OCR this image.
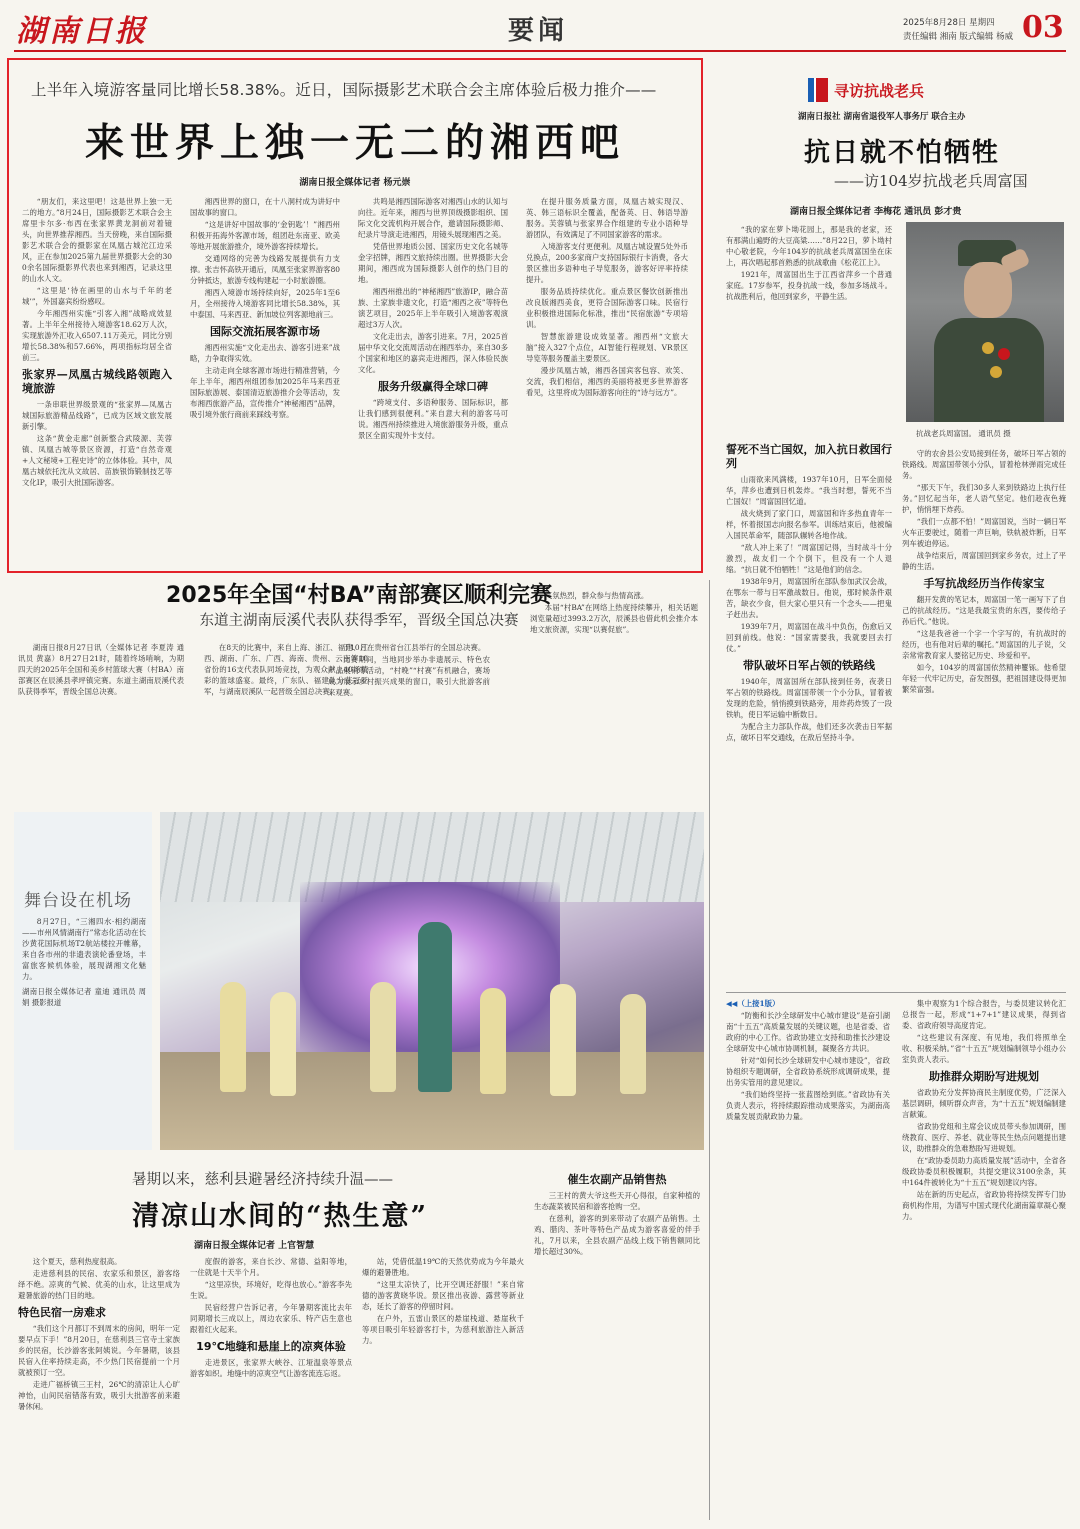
湖南日报	要闻	2025年8月28日 星期四
责任编辑 湘南 版式编辑 杨威 03
上半年入境游客量同比增长58.38%。近日，国际摄影艺术联合会主席体验后极力推介——
来世界上独一无二的湘西吧
湖南日报全媒体记者 杨元崇

“朋友们，来这里吧！这是世界上独一无二的地方。”8月24日，国际摄影艺术联合会主席里卡尔多·布西在张家界黄龙洞前对着镜头，向世界推荐湘西。当天傍晚，来自国际摄影艺术联合会的摄影家在凤凰古城沱江边采风，正在参加2025第九届世界摄影大会的300余名国际摄影界代表也来到湘西，记录这里的山水人文。

“这里是‘待在画里的山水与千年的老城’”，外国嘉宾纷纷感叹。

今年湘西州实施“引客入湘”战略成效显著。上半年全州接待入境游客18.62万人次，实现旅游外汇收入6507.11万美元，同比分别增长58.38%和57.66%，两项指标均居全省前三。

张家界—凤凰古城线路领跑入境旅游

一条串联世界级景观的“张家界—凤凰古城国际旅游精品线路”，已成为区域文旅发展新引擎。

这条“黄金走廊”创新整合武陵源、芙蓉镇、凤凰古城等景区资源，打造“自然奇观+人文秘境+工程史诗”的立体体验。其中，凤凰古城依托沈从文故居、苗族银饰锻制技艺等文化IP，吸引大批国际游客。

湘西世界的窗口，在十八洞村成为讲好中国故事的窗口。

“这是讲好中国故事的‘金钥匙’！”湘西州积极开拓海外客源市场，组团赴东南亚、欧美等地开展旅游推介，境外游客持续增长。

交通网络的完善为线路发展提供有力支撑。张吉怀高铁开通后，凤凰至张家界游客80分钟抵达，旅游专线构建起一小时旅游圈。

湘西入境游市场持续向好，2025年1至6月，全州接待入境游客同比增长58.38%，其中泰国、马来西亚、新加坡位列客源地前三。

国际交流拓展客源市场

湘西州实施“文化走出去、游客引进来”战略，力争取得实效。

主动走向全球客源市场进行精准营销，今年上半年，湘西州组团参加2025年马来西亚国际旅游展、泰国清迈旅游推介会等活动，发布湘西旅游产品，宣传推介“神秘湘西”品牌，吸引境外旅行商前来踩线考察。

共鸣是湘西国际游客对湘西山水的认知与向往。近年来，湘西与世界顶级摄影组织、国际文化交流机构开展合作，邀请国际摄影师、纪录片导演走进湘西，用镜头展现湘西之美。

凭借世界地质公园、国家历史文化名城等金字招牌，湘西文旅持续出圈。世界摄影大会期间，湘西成为国际摄影人创作的热门目的地。

湘西州推出的“神秘湘西”旅游IP，融合苗族、土家族非遗文化，打造“湘西之夜”等特色演艺项目，2025年上半年吸引入境游客观演超过3万人次。

文化走出去，游客引进来。7月，2025首届中华文化交流周活动在湘西举办，来自30多个国家和地区的嘉宾走进湘西，深入体验民族文化。

服务升级赢得全球口碑

“跨境支付、多语种服务、国际标识，都让我们感到很便利。”来自意大利的游客马可说。湘西州持续推进入境旅游服务升级，重点景区全面实现外卡支付。

在提升服务质量方面，凤凰古城实现汉、英、韩三语标识全覆盖，配备英、日、韩语导游服务。芙蓉镇与张家界合作组建的专业小语种导游团队，有效满足了不同国家游客的需求。

入境游客支付更便利。凤凰古城设置5处外币兑换点，200多家商户支持国际银行卡消费，各大景区推出多语种电子导览服务，游客好评率持续提升。

服务品质持续优化。重点景区餐饮创新推出改良版湘西美食，更符合国际游客口味。民宿行业积极推进国际化标准，推出“民宿旅游”专项培训。

智慧旅游建设成效显著。湘西州“文旅大脑”接入327个点位，AI智能行程规划、VR景区导览等服务覆盖主要景区。

漫步凤凰古城，湘西各国宾客包容、欢笑、交流，我们相信，湘西的美丽将被更多世界游客看见，这里将成为国际游客向往的“诗与远方”。

寻访抗战老兵
湖南日报社 湖南省退役军人事务厅 联合主办
抗日就不怕牺牲
——访104岁抗战老兵周富国
湖南日报全媒体记者 李梅花 通讯员 彭才贵

“我的家在萝卜坳花园上，那是我的老家，还有那满山遍野的大豆高粱……”8月22日，萝卜坳村中心敬老院，今年104岁的抗战老兵周富国坐在床上，再次唱起那首熟悉的抗战歌曲《松花江上》。

1921年，周富国出生于江西省萍乡一个普通家庭。17岁参军，投身抗战一线，参加多场战斗。抗战胜利后，他回到家乡，平静生活。

抗战老兵周富国。 通讯员 摄
誓死不当亡国奴，加入抗日救国行列

山雨欲来风满楼，1937年10月，日军全面侵华，萍乡也遭到日机轰炸。“我当时想，誓死不当亡国奴！”周富国回忆道。

战火烧到了家门口，周富国和许多热血青年一样，怀着报国志向报名参军。训练结束后，他被编入国民革命军，随部队辗转各地作战。

“敌人冲上来了！”周富国记得，当时战斗十分激烈，战友们一个个倒下，但没有一个人退缩。“抗日就不怕牺牲！”这是他们的信念。

1938年9月，周富国所在部队参加武汉会战，在鄂东一带与日军激战数日。他说，那时候条件艰苦，缺衣少食，但大家心里只有一个念头——把鬼子赶出去。

1939年7月，周富国在战斗中负伤，伤愈后又回到前线。他说：“国家需要我，我就要回去打仗。”

带队破坏日军占领的铁路线

1940年，周富国所在部队接到任务，夜袭日军占领的铁路线。周富国带领一个小分队，冒着被发现的危险，悄悄摸到铁路旁，用炸药炸毁了一段铁轨，使日军运输中断数日。

为配合主力部队作战，他们还多次袭击日军据点，破坏日军交通线，在敌后坚持斗争。

守的农舍县公安局接到任务，破坏日军占领的铁路线。周富国带领小分队，冒着枪林弹雨完成任务。

“那天下午，我们30多人来到铁路边上执行任务。”回忆起当年，老人语气坚定。他们趁夜色掩护，悄悄埋下炸药。

“我们一点都不怕！”周富国说，当时一辆日军火车正要驶过，随着一声巨响，铁轨被炸断，日军列车被迫停运。

战争结束后，周富国回到家乡务农，过上了平静的生活。

手写抗战经历当作传家宝

翻开发黄的笔记本，周富国一笔一画写下了自己的抗战经历。“这是我最宝贵的东西，要传给子孙后代。”他说。

“这是我爸爸一个字一个字写的，有抗战时的经历，也有他对后辈的嘱托。”周富国的儿子说，父亲常常教育家人要铭记历史、珍爱和平。

如今，104岁的周富国依然精神矍铄。他希望年轻一代牢记历史，奋发图强，把祖国建设得更加繁荣富强。

2025年全国“村BA”南部赛区顺利完赛
东道主湖南辰溪代表队获得季军，晋级全国总决赛

湖南日报8月27日讯（全媒体记者 李夏涛 通讯员 黄嘉）8月27日21时，随着终场哨响，为期四天的2025年全国和美乡村篮球大赛（村BA）南部赛区在辰溪县孝坪镇完赛。东道主湖南辰溪代表队获得季军，晋级全国总决赛。

在8天的比赛中，来自上海、浙江、福建、江西、湖南、广东、广西、海南、贵州、云南等10省份的16支代表队同场竞技，为观众献上40场精彩的篮球盛宴。最终，广东队、福建队分获冠亚军，与湖南辰溪队一起晋级全国总决赛。

于10月在贵州省台江县举行的全国总决赛。

比赛期间，当地同步举办非遗展示、特色农产品展销等活动，“村晚”“村赛”有机融合，赛场成为展示乡村振兴成果的窗口，吸引大批游客前来观赛。

气氛热烈，群众参与热情高涨。

本届“村BA”在网络上热度持续攀升，相关话题浏览量超过3993.2万次，辰溪县也借此机会推介本地文旅资源，实现“以赛促旅”。

舞台设在机场

8月27日，“三湘四水·相约湖南——市州风情湖南行”常态化活动在长沙黄花国际机场T2航站楼拉开帷幕，来自各市州的非遗表演轮番登场，丰富旅客候机体验，展现湖湘文化魅力。

湖南日报全媒体记者 童迪 通讯员 周娟 摄影报道

暑期以来，慈利县避暑经济持续升温——
清凉山水间的“热生意”
湖南日报全媒体记者 上官智慧

这个夏天，慈利热度很高。

走进慈利县的民宿、农家乐和景区，游客络绎不绝。凉爽的气候、优美的山水，让这里成为避暑旅游的热门目的地。

特色民宿一房难求

“我们这个月都订不到周末的房间，明年一定要早点下手！”8月20日，在慈利县三官寺土家族乡的民宿，长沙游客张阿姨说。今年暑期，该县民宿入住率持续走高，不少热门民宿提前一个月就被预订一空。

走进广福桥镇三王村，26℃的清凉让人心旷神怡，山间民宿错落有致，吸引大批游客前来避暑休闲。

度假的游客，来自长沙、常德、益阳等地，一住就是十天半个月。

“这里凉快，环境好，吃得也放心。”游客李先生说。

民宿经营户告诉记者，今年暑期客流比去年同期增长三成以上，周边农家乐、特产店生意也跟着红火起来。

19℃地缝和悬崖上的凉爽体验

走进景区，张家界大峡谷、江垭温泉等景点游客如织。地缝中的凉爽空气让游客流连忘返。

站，凭借低温19℃的天然优势成为今年最火爆的避暑胜地。

“这里太凉快了，比开空调还舒服！”来自常德的游客黄晓华说。景区推出夜游、露营等新业态，延长了游客的停留时间。

在户外，五雷山景区的悬崖栈道、悬崖秋千等项目吸引年轻游客打卡，为慈利旅游注入新活力。

催生农副产品销售热

三王村的黄大爷这些天开心得很，自家种植的生态蔬菜被民宿和游客抢购一空。

在慈利，游客的到来带动了农副产品销售。土鸡、腊肉、茶叶等特色产品成为游客喜爱的伴手礼，7月以来，全县农副产品线上线下销售额同比增长超过30%。

◀◀（上接1版）

“防衡和长沙全球研发中心城市建设”是奋引湖南“十五五”高质量发展的关键议题，也是省委、省政府的中心工作。省政协建立支持和助推长沙建设全球研发中心城市协调机制，凝聚各方共识。

针对“如何长沙全球研发中心城市建设”，省政协组织专题调研，全省政协系统形成调研成果，提出务实管用的意见建议。

“我们始终坚持一张蓝图绘到底。”省政协有关负责人表示，将持续跟踪推动成果落实，为湖南高质量发展贡献政协力量。

集中观察为1个综合报告，与委员建议转化汇总报告一起，形成“1+7+1”建议成果，得到省委、省政府领导高度肯定。

“这些建议有深度、有见地，我们将照单全收、积极采纳。”省“十五五”规划编制领导小组办公室负责人表示。

助推群众期盼写进规划

省政协充分发挥协商民主制度优势，广泛深入基层调研，倾听群众声音，为“十五五”规划编制建言献策。

省政协党组和主席会议成员带头参加调研，围绕教育、医疗、养老、就业等民生热点问题提出建议，助推群众的急难愁盼写进规划。

在“政协委员助力高质量发展”活动中，全省各级政协委员积极履职，共提交建议3100余条，其中164件被转化为“十五五”规划建议内容。

站在新的历史起点，省政协将持续发挥专门协商机构作用，为谱写中国式现代化湖南篇章凝心聚力。
